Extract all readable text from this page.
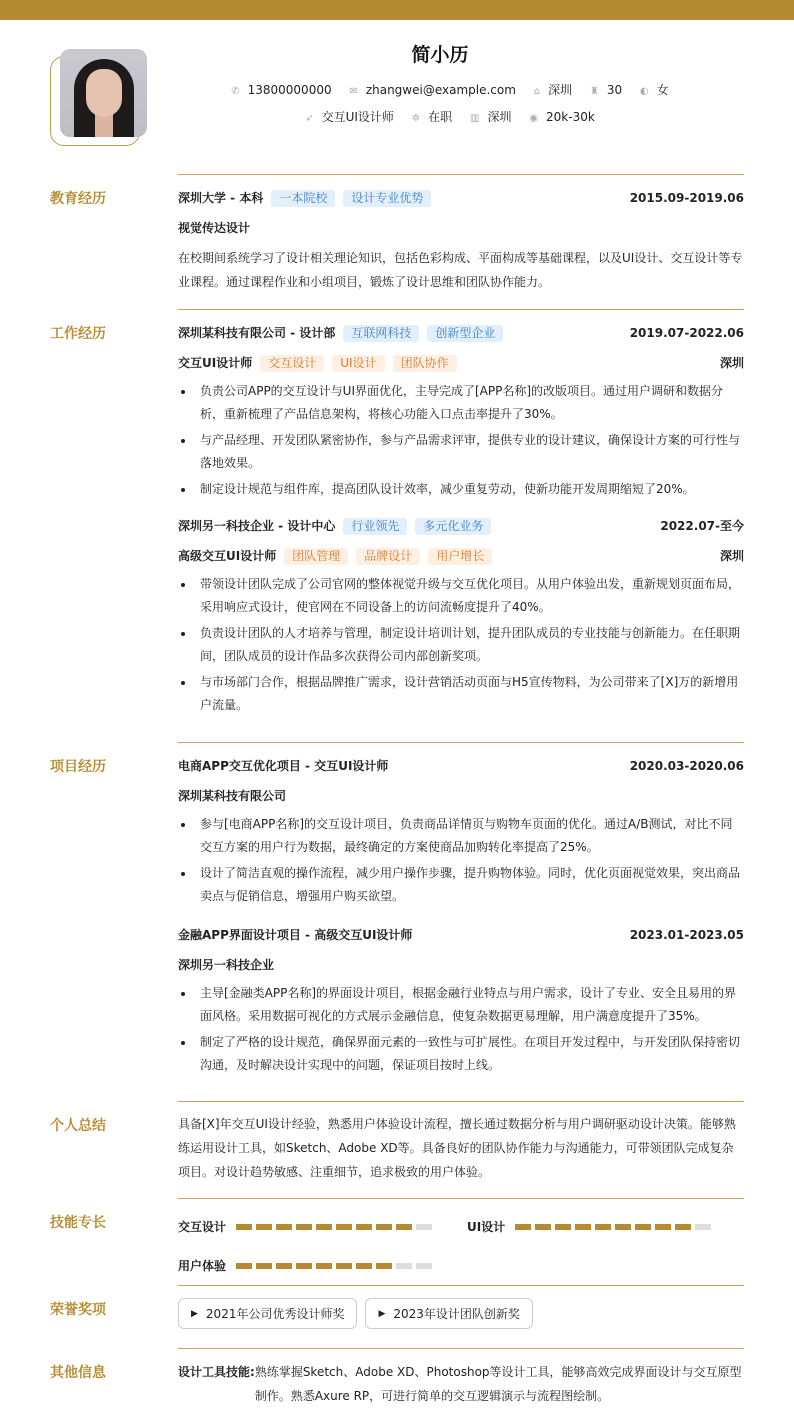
简小历
✆ 13800000000 ✉ zhangwei@example.com ⌂ 深圳 ♜ 30 ◐ 女
➶ 交互UI设计师 ✲ 在职 ▥ 深圳 ◉ 20k-30k
教育经历	深圳大学 - 本科	一本院校	设计专业优势	2015.09-2019.06
视觉传达设计
在校期间系统学习了设计相关理论知识，包括色彩构成、平面构成等基础课程，以及UI设计、交互设计等专业课程。通过课程作业和小组项目，锻炼了设计思维和团队协作能力。
工作经历	深圳某科技有限公司 - 设计部	互联网科技	创新型企业	2019.07-2022.06
交互UI设计师	交互设计	UI设计	团队协作	深圳
负责公司APP的交互设计与UI界面优化，主导完成了[APP名称]的改版项目。通过用户调研和数据分析，重新梳理了产品信息架构，将核心功能入口点击率提升了30%。
与产品经理、开发团队紧密协作，参与产品需求评审，提供专业的设计建议，确保设计方案的可行性与落地效果。
制定设计规范与组件库，提高团队设计效率，减少重复劳动，使新功能开发周期缩短了20%。
深圳另一科技企业 - 设计中心	行业领先	多元化业务	2022.07-至今
高级交互UI设计师	团队管理	品牌设计	用户增长	深圳
带领设计团队完成了公司官网的整体视觉升级与交互优化项目。从用户体验出发，重新规划页面布局，采用响应式设计，使官网在不同设备上的访问流畅度提升了40%。
负责设计团队的人才培养与管理，制定设计培训计划，提升团队成员的专业技能与创新能力。在任职期间，团队成员的设计作品多次获得公司内部创新奖项。
与市场部门合作，根据品牌推广需求，设计营销活动页面与H5宣传物料，为公司带来了[X]万的新增用户流量。
项目经历	电商APP交互优化项目 - 交互UI设计师	2020.03-2020.06
深圳某科技有限公司
参与[电商APP名称]的交互设计项目，负责商品详情页与购物车页面的优化。通过A/B测试，对比不同交互方案的用户行为数据，最终确定的方案使商品加购转化率提高了25%。
设计了简洁直观的操作流程，减少用户操作步骤，提升购物体验。同时，优化页面视觉效果，突出商品卖点与促销信息，增强用户购买欲望。
金融APP界面设计项目 - 高级交互UI设计师	2023.01-2023.05
深圳另一科技企业
主导[金融类APP名称]的界面设计项目，根据金融行业特点与用户需求，设计了专业、安全且易用的界面风格。采用数据可视化的方式展示金融信息，使复杂数据更易理解，用户满意度提升了35%。
制定了严格的设计规范，确保界面元素的一致性与可扩展性。在项目开发过程中，与开发团队保持密切沟通，及时解决设计实现中的问题，保证项目按时上线。
个人总结	具备[X]年交互UI设计经验，熟悉用户体验设计流程，擅长通过数据分析与用户调研驱动设计决策。能够熟练运用设计工具，如Sketch、Adobe XD等。具备良好的团队协作能力与沟通能力，可带领团队完成复杂项目。对设计趋势敏感、注重细节，追求极致的用户体验。
技能专长	交互设计	UI设计
用户体验
荣誉奖项	▶ 2021年公司优秀设计师奖	▶ 2023年设计团队创新奖
其他信息	设计工具技能: 熟练掌握Sketch、Adobe XD、Photoshop等设计工具，能够高效完成界面设计与交互原型制作。熟悉Axure RP，可进行简单的交互逻辑演示与流程图绘制。
